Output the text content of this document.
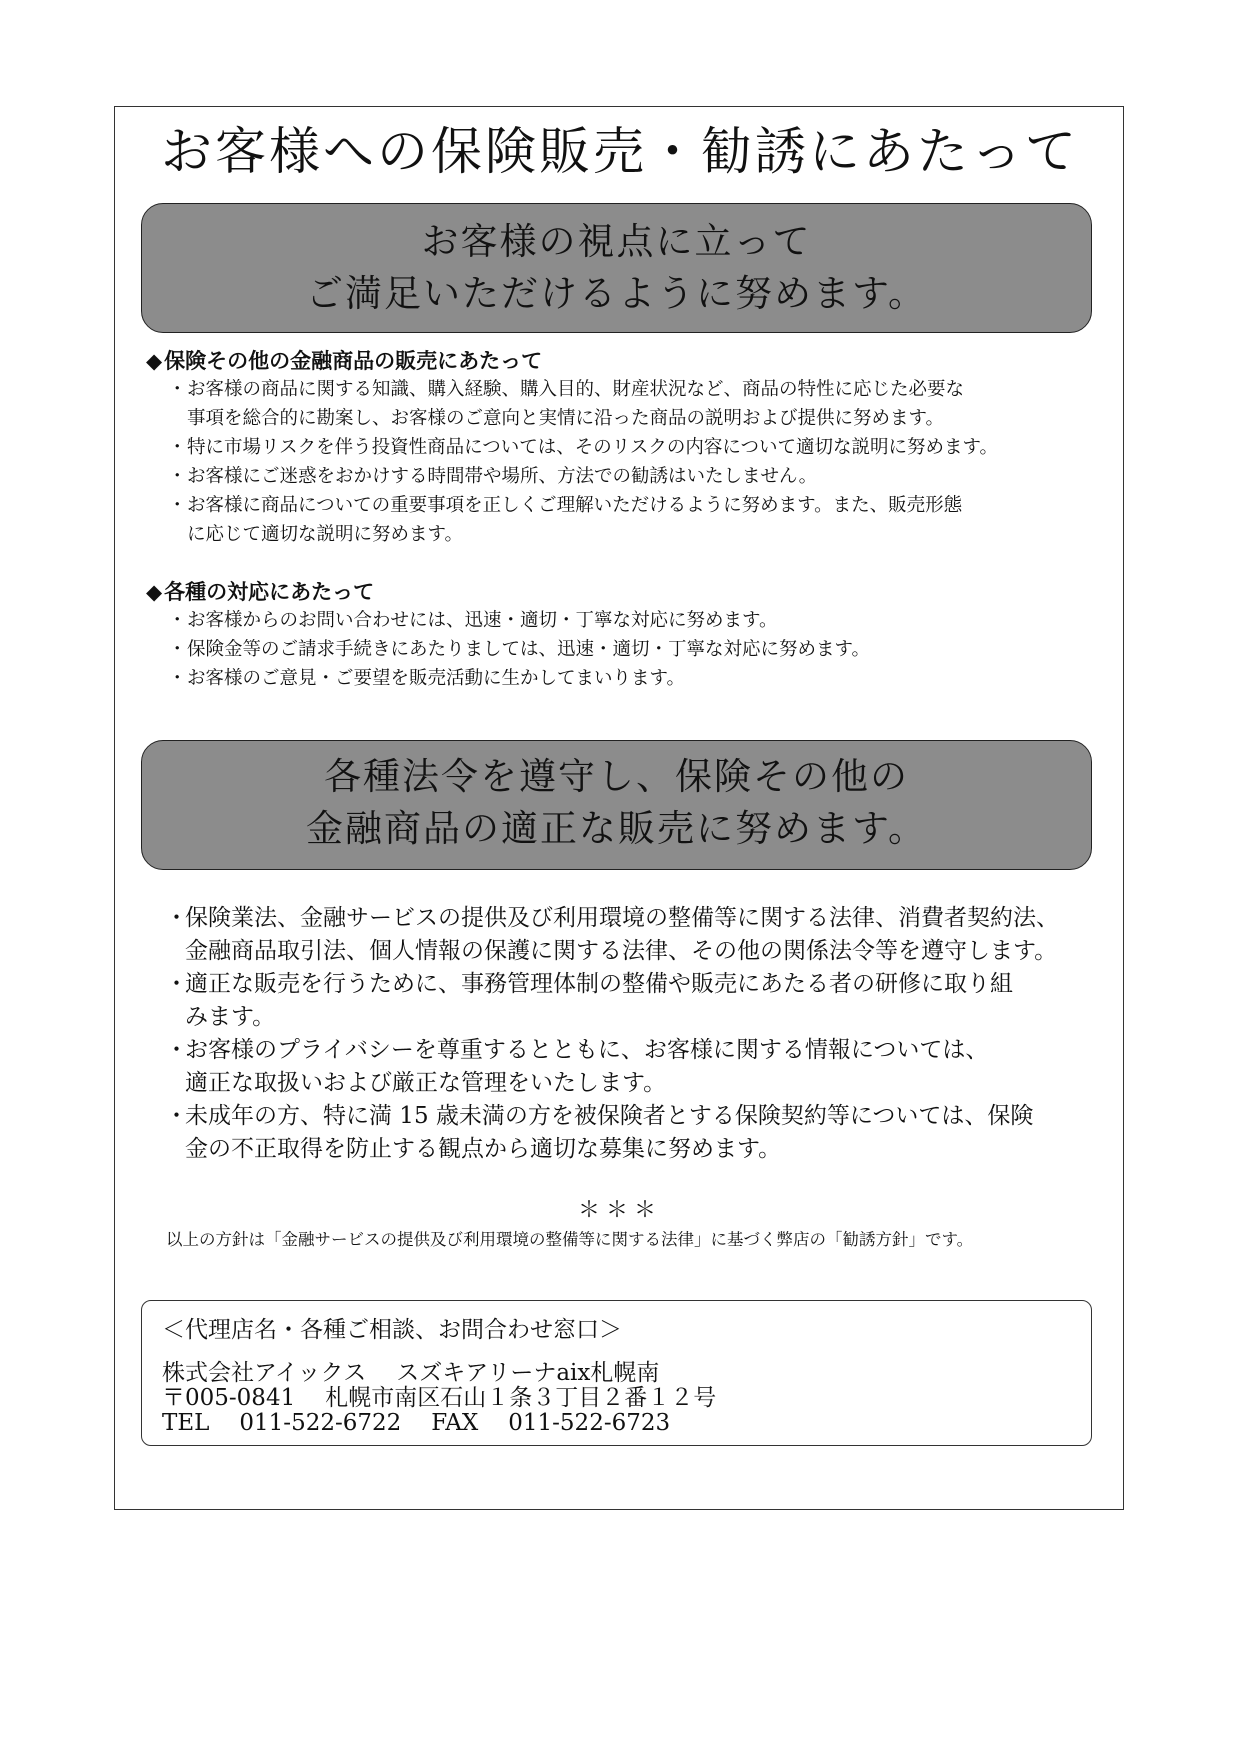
お客様への保険販売・勧誘にあたって
お客様の視点に立って
ご満足いただけるように努めます。

◆保険その他の金融商品の販売にあたって

・ お客様の商品に関する知識、購入経験、購入目的、財産状況など、商品の特性に応じた必要な
事項を総合的に勘案し、お客様のご意向と実情に沿った商品の説明および提供に努めます。
・ 特に市場リスクを伴う投資性商品については、そのリスクの内容について適切な説明に努めます。
・ お客様にご迷惑をおかけする時間帯や場所、方法での勧誘はいたしません。
・ お客様に商品についての重要事項を正しくご理解いただけるように努めます。また、販売形態
に応じて適切な説明に努めます。

◆各種の対応にあたって

・ お客様からのお問い合わせには、迅速・適切・丁寧な対応に努めます。
・ 保険金等のご請求手続きにあたりましては、迅速・適切・丁寧な対応に努めます。
・ お客様のご意見・ご要望を販売活動に生かしてまいります。
各種法令を遵守し、保険その他の
金融商品の適正な販売に努めます。
・
保険業法、金融サービスの提供及び利用環境の整備等に関する法律、消費者契約法、
金融商品取引法、個人情報の保護に関する法律、その他の関係法令等を遵守します。
・
適正な販売を行うために、事務管理体制の整備や販売にあたる者の研修に取り組
みます。
・
お客様のプライバシーを尊重するとともに、お客様に関する情報については、
適正な取扱いおよび厳正な管理をいたします。
・
未成年の方、特に満 15 歳未満の方を被保険者とする保険契約等については、保険
金の不正取得を防止する観点から適切な募集に努めます。
＊＊＊
以上の方針は「金融サービスの提供及び利用環境の整備等に関する法律」に基づく弊店の「勧誘方針」です。
＜代理店名・各種ご相談、お問合わせ窓口＞
株式会社アイックス スズキアリーナaix札幌南
〒005-0841 札幌市南区石山１条３丁目２番１２号
TEL 011-522-6722 FAX 011-522-6723
